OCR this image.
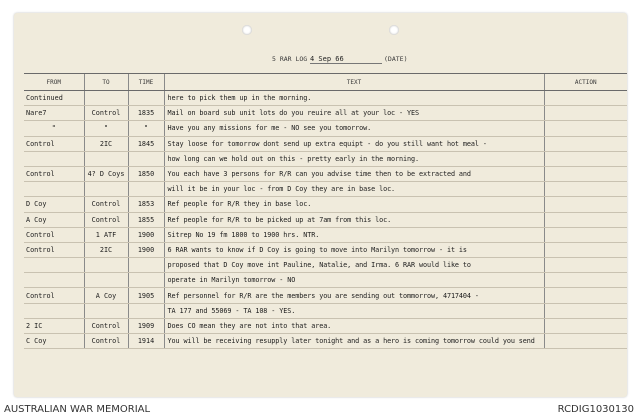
5 RAR LOG 4 Sep 66	(DATE)
FROM	TO	TIME	TEXT	ACTION
Continued			here to pick them up in the morning.	
Nare7	Control	1835	Mail on board sub unit lots do you reuire all at your loc - YES	
"	"	"	Have you any missions for me - NO see you tomorrow.	
Control	2IC	1845	Stay loose for tomorrow dont send up extra equipt - do you still want hot meal -	
			how long can we hold out on this - pretty early in the morning.	
Control	4? D Coys	1850	You each have 3 persons for R/R can you advise time then to be extracted and	
			will it be in your loc - from D Coy they are in base loc.	
D Coy	Control	1853	Ref people for R/R they in base loc.	
A Coy	Control	1855	Ref people for R/R to be picked up at 7am from this loc.	
Control	1 ATF	1900	Sitrep No 19 fm 1800 to 1900 hrs. NTR.	
Control	2IC	1900	6 RAR wants to know if D Coy is going to move into Marilyn tomorrow - it is	
			proposed that D Coy move int Pauline, Natalie, and Irma. 6 RAR would like to	
			operate in Marilyn tomorrow - NO	
Control	A Coy	1905	Ref personnel for R/R are the members you are sending out tommorrow, 4717404 -	
			TA 177 and 55069 - TA 108 - YES.	
2 IC	Control	1909	Does CO mean they are not into that area.	
C Coy	Control	1914	You will be receiving resupply later tonight and as a hero is coming tomorrow could you send	
AUSTRALIAN WAR MEMORIAL	RCDIG1030130
